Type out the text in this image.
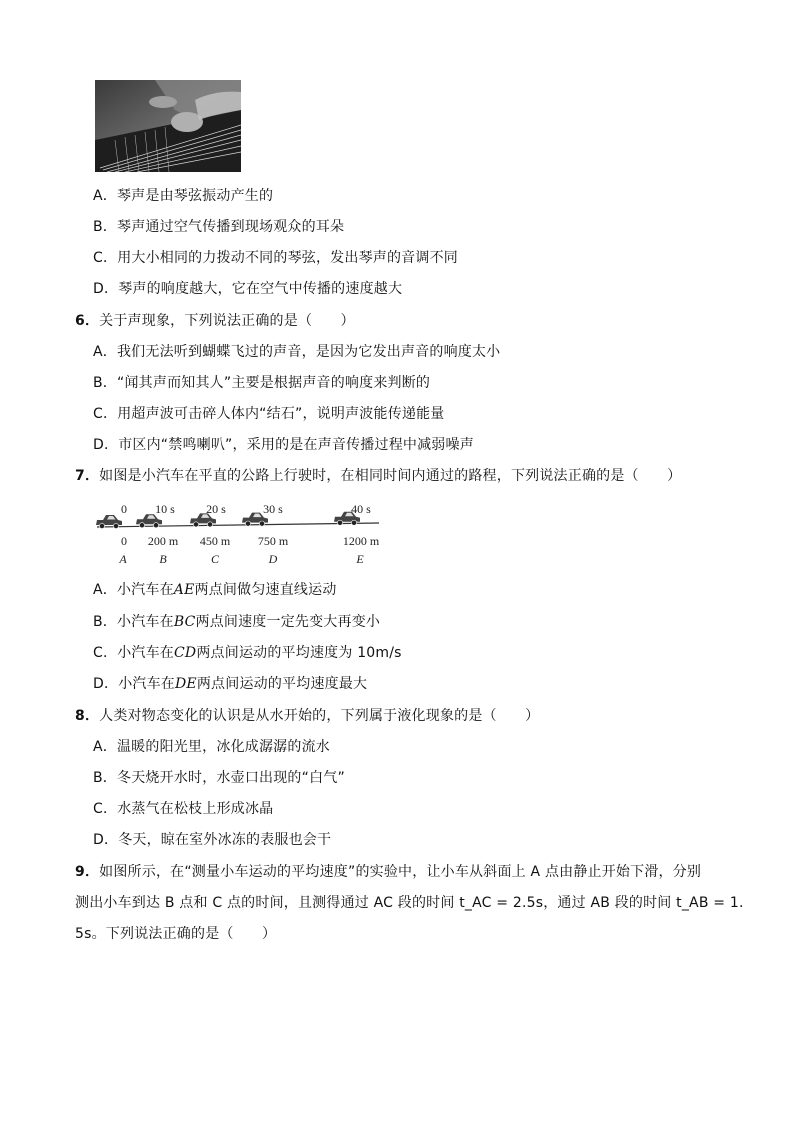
A．琴声是由琴弦振动产生的
B．琴声通过空气传播到现场观众的耳朵
C．用大小相同的力拨动不同的琴弦，发出琴声的音调不同
D．琴声的响度越大，它在空气中传播的速度越大
6．关于声现象，下列说法正确的是（　　）
A．我们无法听到蝴蝶飞过的声音，是因为它发出声音的响度太小
B．“闻其声而知其人”主要是根据声音的响度来判断的
C．用超声波可击碎人体内“结石”，说明声波能传递能量
D．市区内“禁鸣喇叭”，采用的是在声音传播过程中减弱噪声
7．如图是小汽车在平直的公路上行驶时，在相同时间内通过的路程，下列说法正确的是（　　）
0 10 s	20 s	30 s	40 s
0 200 m 450 m 750 m	1200 m
A	B	C	D	E
A．小汽车在AE两点间做匀速直线运动
B．小汽车在BC两点间速度一定先变大再变小
C．小汽车在CD两点间运动的平均速度为 10m/s
D．小汽车在DE两点间运动的平均速度最大
8．人类对物态变化的认识是从水开始的，下列属于液化现象的是（　　）
A．温暖的阳光里，冰化成潺潺的流水
B．冬天烧开水时，水壶口出现的“白气”
C．水蒸气在松枝上形成冰晶
D．冬天，晾在室外冰冻的表服也会干
9．如图所示，在“测量小车运动的平均速度”的实验中，让小车从斜面上 A 点由静止开始下滑，分别
测出小车到达 B 点和 C 点的时间，且测得通过 AC 段的时间 t_AC = 2.5s，通过 AB 段的时间 t_AB = 1.
5s。下列说法正确的是（　　）
